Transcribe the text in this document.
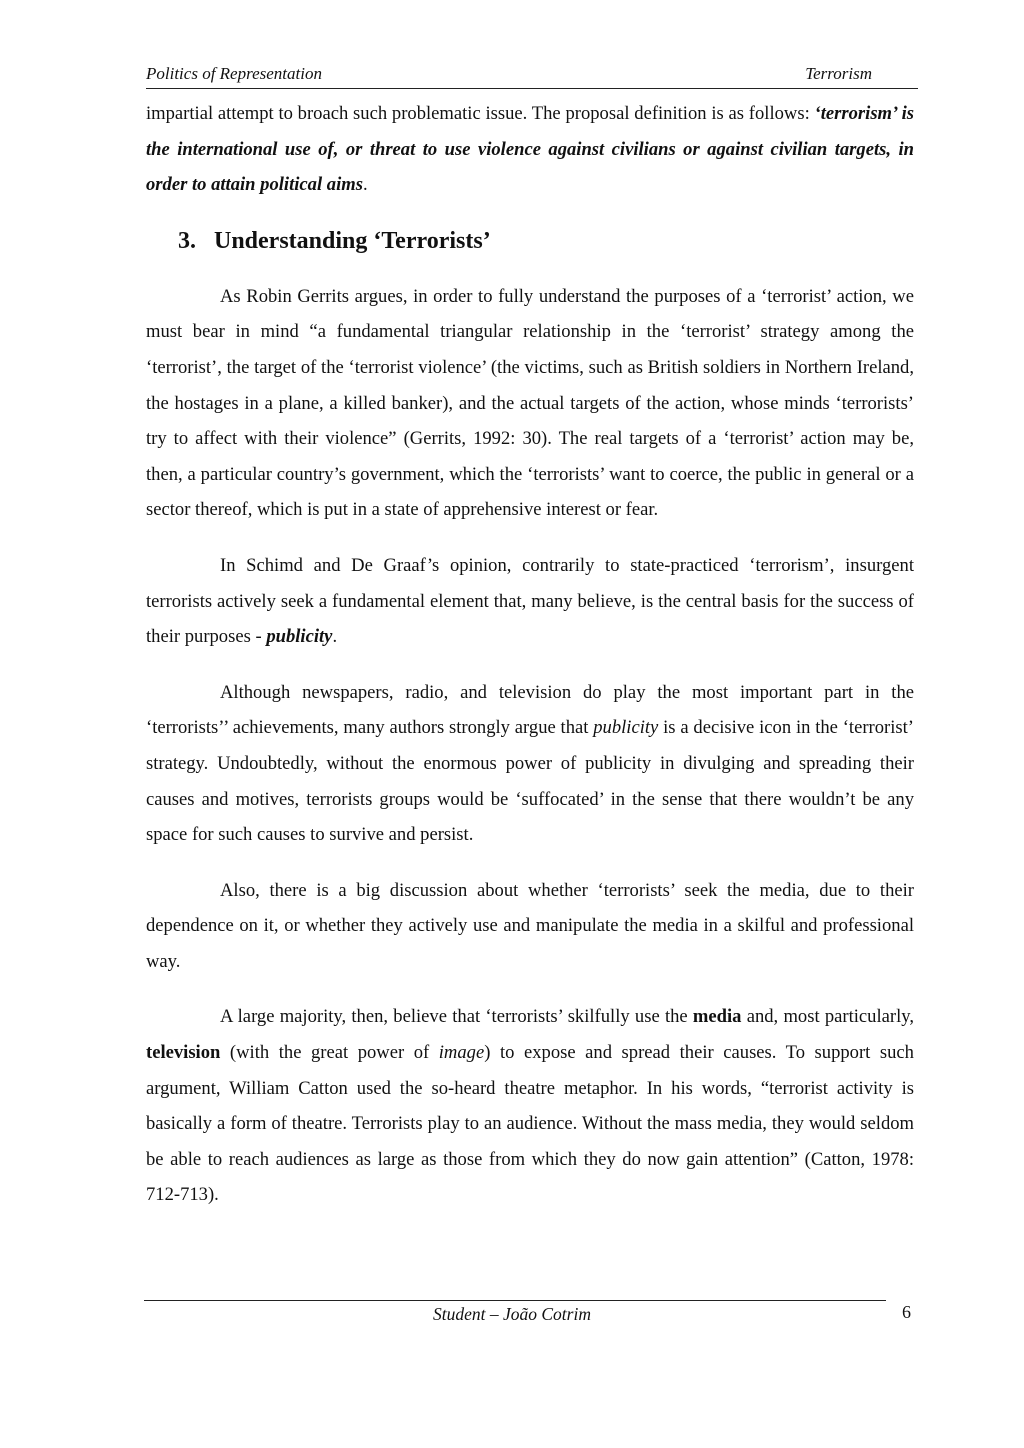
Politics of Representation	Terrorism

impartial attempt to broach such problematic issue. The proposal definition is as follows: ‘terrorism’ is the international use of, or threat to use violence against civilians or against civilian targets, in order to attain political aims.

3. Understanding ‘Terrorists’

As Robin Gerrits argues, in order to fully understand the purposes of a ‘terrorist’ action, we must bear in mind “a fundamental triangular relationship in the ‘terrorist’ strategy among the ‘terrorist’, the target of the ‘terrorist violence’ (the victims, such as British soldiers in Northern Ireland, the hostages in a plane, a killed banker), and the actual targets of the action, whose minds ‘terrorists’ try to affect with their violence” (Gerrits, 1992: 30). The real targets of a ‘terrorist’ action may be, then, a particular country’s government, which the ‘terrorists’ want to coerce, the public in general or a sector thereof, which is put in a state of apprehensive interest or fear.

In Schimd and De Graaf’s opinion, contrarily to state-practiced ‘terrorism’, insurgent terrorists actively seek a fundamental element that, many believe, is the central basis for the success of their purposes - publicity.

Although newspapers, radio, and television do play the most important part in the ‘terrorists’’ achievements, many authors strongly argue that publicity is a decisive icon in the ‘terrorist’ strategy. Undoubtedly, without the enormous power of publicity in divulging and spreading their causes and motives, terrorists groups would be ‘suffocated’ in the sense that there wouldn’t be any space for such causes to survive and persist.

Also, there is a big discussion about whether ‘terrorists’ seek the media, due to their dependence on it, or whether they actively use and manipulate the media in a skilful and professional way.

A large majority, then, believe that ‘terrorists’ skilfully use the media and, most particularly, television (with the great power of image) to expose and spread their causes. To support such argument, William Catton used the so-heard theatre metaphor. In his words, “terrorist activity is basically a form of theatre. Terrorists play to an audience. Without the mass media, they would seldom be able to reach audiences as large as those from which they do now gain attention” (Catton, 1978: 712-713).

Student – João Cotrim	6
